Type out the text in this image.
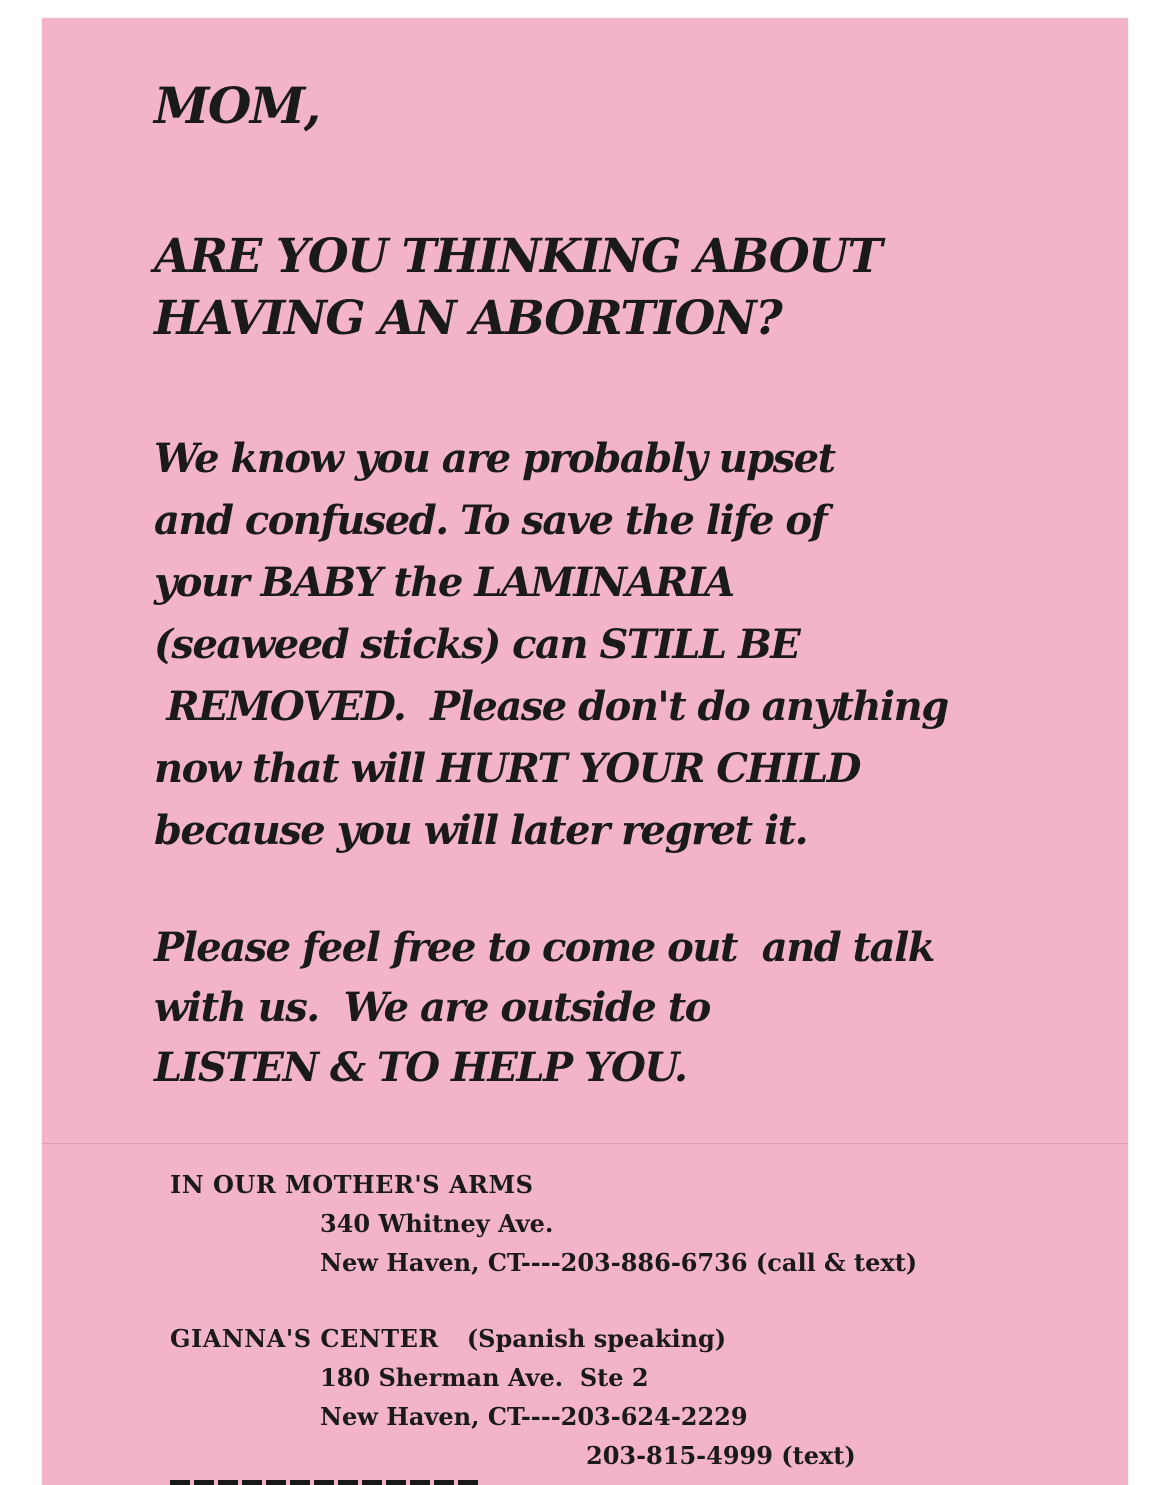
MOM,

ARE YOU THINKING ABOUT
HAVING AN ABORTION?
We know you are probably upset
and confused. To save the life of
your BABY the LAMINARIA
(seaweed sticks) can STILL BE
REMOVED.  Please don't do anything
now that will HURT YOUR CHILD
because you will later regret it.
Please feel free to come out  and talk
with us.  We are outside to
LISTEN & TO HELP YOU.
IN OUR MOTHER'S ARMS
340 Whitney Ave.
New Haven, CT----203-886-6736 (call & text)
GIANNA'S CENTER (Spanish speaking)
180 Sherman Ave.  Ste 2
New Haven, CT----203-624-2229
203-815-4999 (text)
